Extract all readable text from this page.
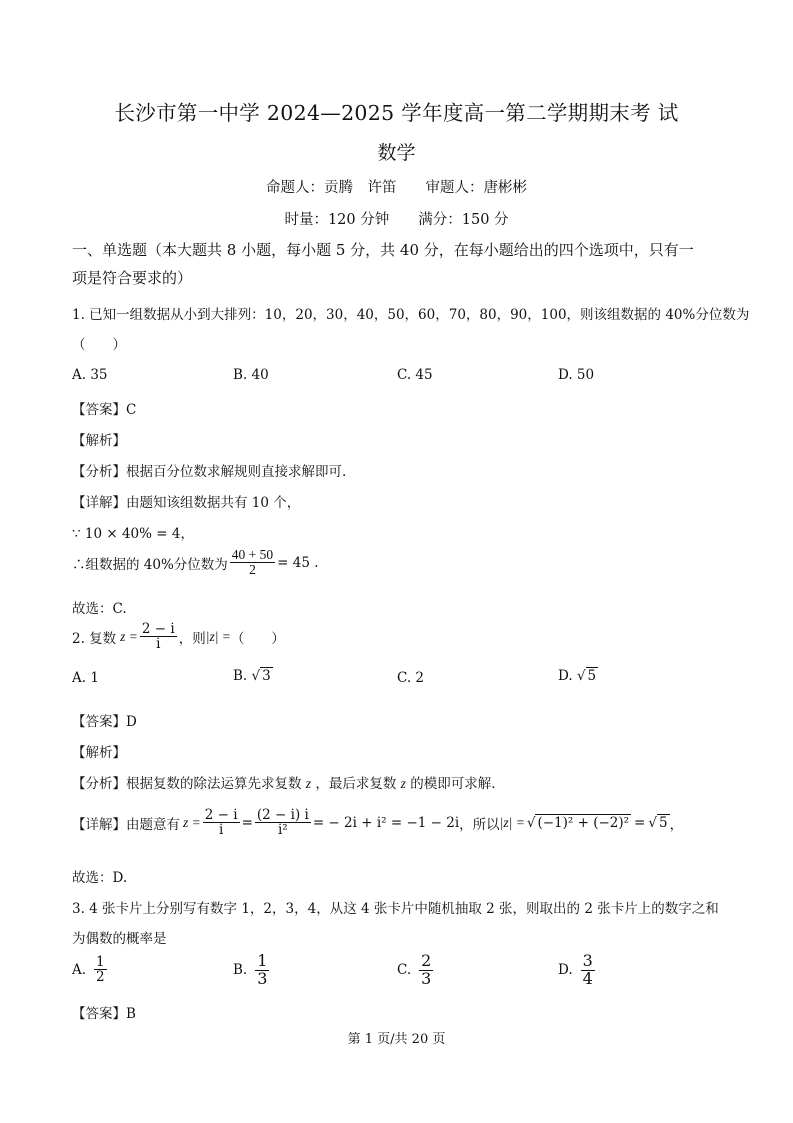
长沙市第一中学 2024—2025 学年度高一第二学期期末考 试
数学
命题人：贡腾　许笛　　审题人：唐彬彬
时量：120 分钟　　满分：150 分
一、单选题（本大题共 8 小题，每小题 5 分，共 40 分，在每小题给出的四个选项中，只有一
项是符合要求的）
1. 已知一组数据从小到大排列：10，20，30，40，50，60，70，80，90，100，则该组数据的 40%分位数为
（　　）
A. 35	B. 40	C. 45	D. 50
【答案】C
【解析】
【分析】根据百分位数求解规则直接求解即可.
【详解】由题知该组数据共有 10 个，
∵ 10 × 40% = 4，
∴组数据的 40%分位数为 $\frac{40 + 50}{2} = 45$ .
故选：C.
2. 复数 $z = \frac{2 - i}{i}$ ，则 |z| = （　　）
A. 1	B. √ 3	C. 2	D. √ 5
【答案】D
【解析】
【分析】根据复数的除法运算先求复数 z ，最后求复数 z 的模即可求解.
【详解】由题意有 $z = \frac{2 - i}{i} = \frac{(2 - i) i}{\text{i²}}$ = − 2i + i² = −1 − 2i ，所以 |z| = √ (−1)² + (−2)² = √ 5 ，
故选：D.
3. 4 张卡片上分别写有数字 1，2，3，4，从这 4 张卡片中随机抽取 2 张，则取出的 2 张卡片上的数字之和
为偶数的概率是
A. $\frac{1}{2}$	B. $\frac{1}{3}$	C. $\frac{2}{3}$	D. $\frac{3}{4}$
【答案】B
第 1 页/共 20 页
